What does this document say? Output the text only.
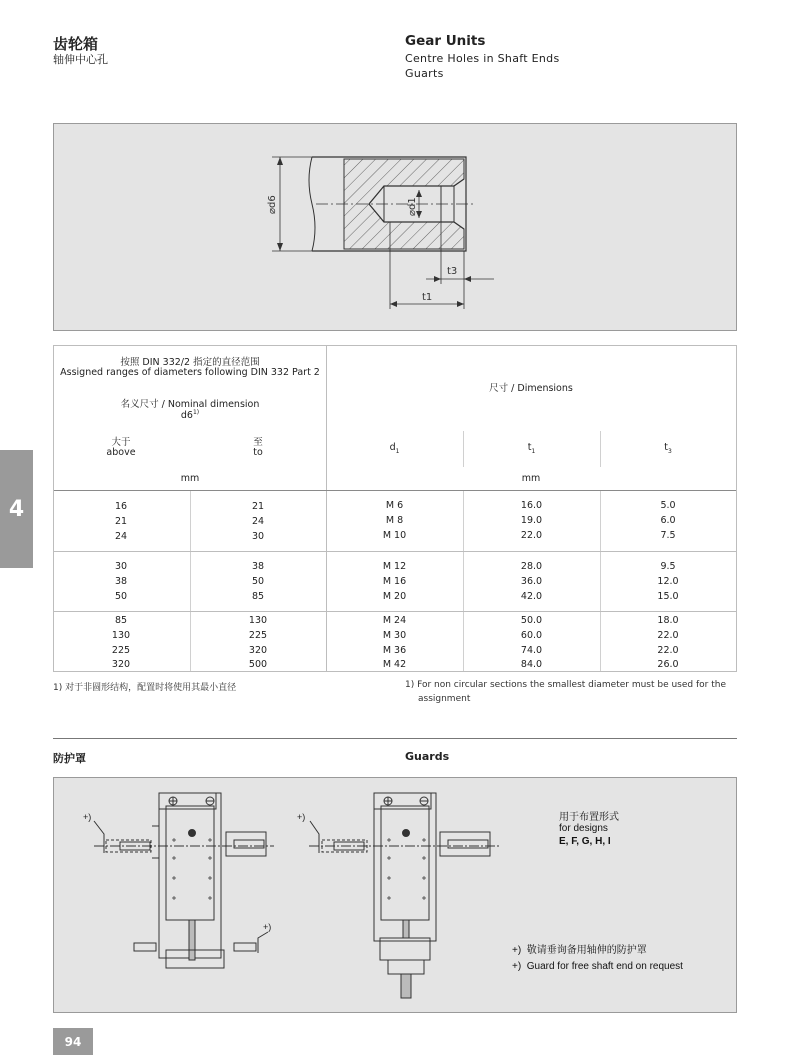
齿轮箱
轴伸中心孔
Gear Units
Centre Holes in Shaft Ends
Guarts
⌀d6	⌀d1
t3
t1
按照 DIN 332/2 指定的直径范围
Assigned ranges of diameters following DIN 332 Part 2
名义尺寸 / Nominal dimension
d6$^{1)}$
大于
above
至
to
mm
尺寸 / Dimensions
$d_1$	$t_1$	$t_3$
mm
16	21	M 6	16.0	5.0
21	24	M 8	19.0	6.0
24	30	M 10	22.0	7.5
30	38	M 12	28.0	9.5
38	50	M 16	36.0	12.0
50	85	M 20	42.0	15.0
85	130	M 24	50.0	18.0
130	225	M 30	60.0	22.0
225	320	M 36	74.0	22.0
320	500	M 42	84.0	26.0
4
1) 对于非圆形结构，配置时将使用其最小直径	1) For non circular sections the smallest diameter must be used for the
assignment
防护罩	Guards
+)
+)
+)	用于布置形式
for designs
E, F, G, H, I
+) 敬请垂询备用轴伸的防护罩
+) Guard for free shaft end on request
94
